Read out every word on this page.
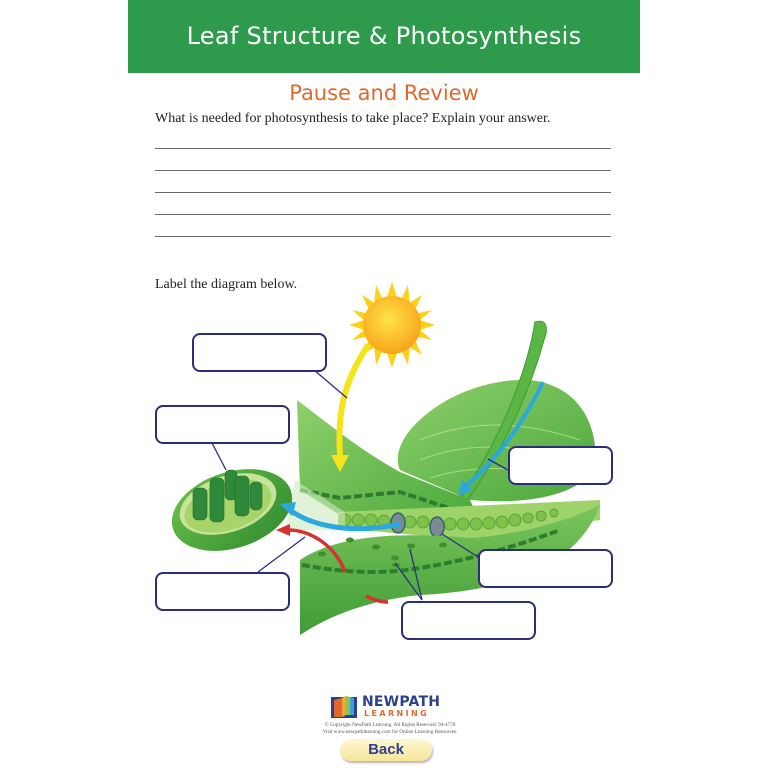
Leaf Structure & Photosynthesis
Pause and Review
What is needed for photosynthesis to take place? Explain your answer.
Label the diagram below.
NEWPATH
LEARNING
© Copyright NewPath Learning. All Rights Reserved. 94-4778
Visit www.newpathlearning.com for Online Learning Resources.
Back
